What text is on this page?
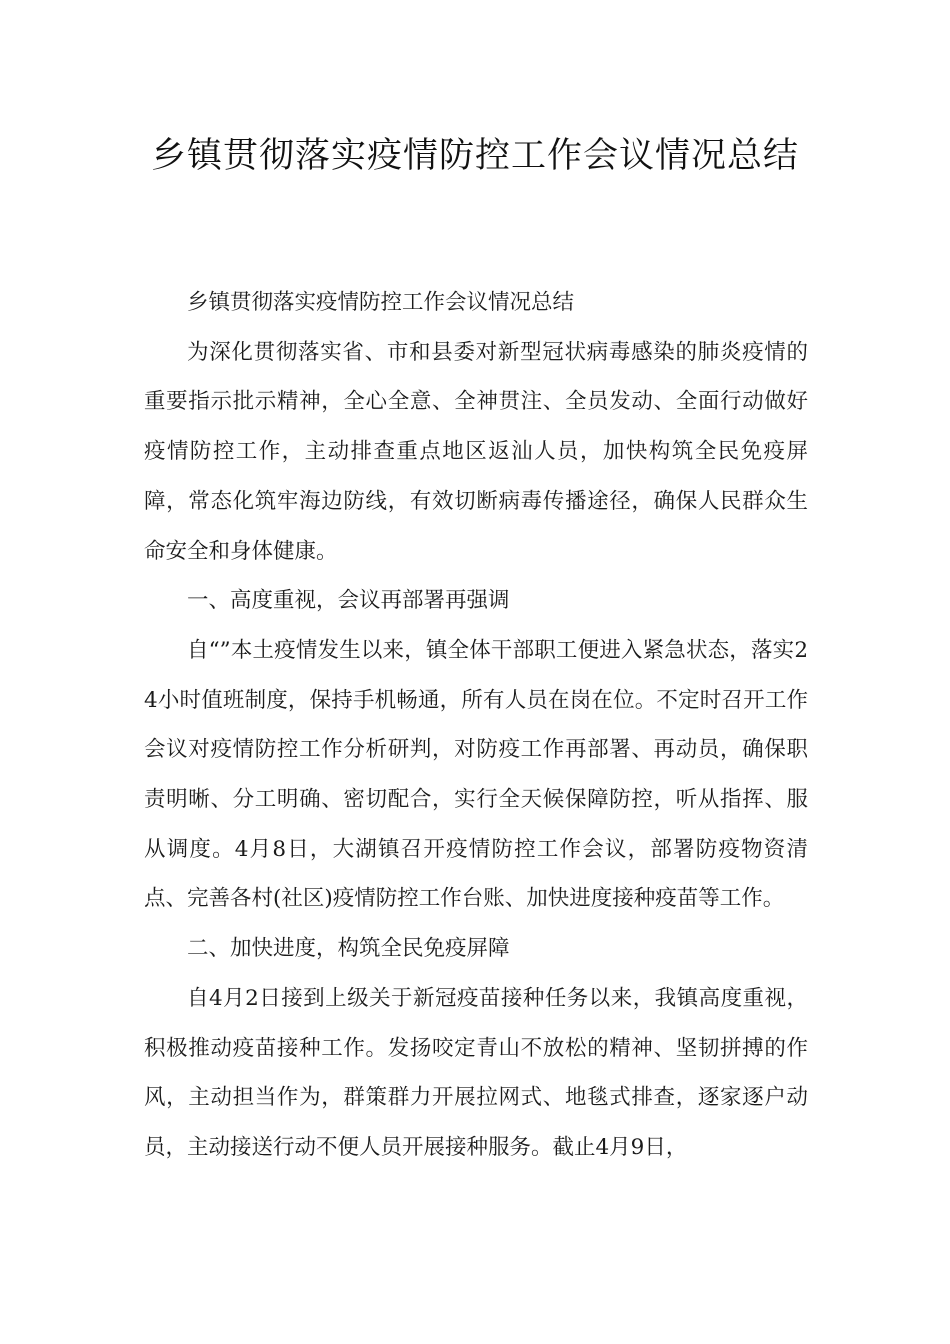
乡镇贯彻落实疫情防控工作会议情况总结

乡镇贯彻落实疫情防控工作会议情况总结

为深化贯彻落实省、市和县委对新型冠状病毒感染的肺炎疫情的重要指示批示精神，全心全意、全神贯注、全员发动、全面行动做好疫情防控工作，主动排查重点地区返汕人员，加快构筑全民免疫屏障，常态化筑牢海边防线，有效切断病毒传播途径，确保人民群众生命安全和身体健康。

一、高度重视，会议再部署再强调

自“”本土疫情发生以来，镇全体干部职工便进入紧急状态，落实24小时值班制度，保持手机畅通，所有人员在岗在位。不定时召开工作会议对疫情防控工作分析研判，对防疫工作再部署、再动员，确保职责明晰、分工明确、密切配合，实行全天候保障防控，听从指挥、服从调度。4月8日，大湖镇召开疫情防控工作会议，部署防疫物资清点、完善各村(社区)疫情防控工作台账、加快进度接种疫苗等工作。

二、加快进度，构筑全民免疫屏障

自4月2日接到上级关于新冠疫苗接种任务以来，我镇高度重视，积极推动疫苗接种工作。发扬咬定青山不放松的精神、坚韧拼搏的作风，主动担当作为，群策群力开展拉网式、地毯式排查，逐家逐户动员，主动接送行动不便人员开展接种服务。截止4月9日，
